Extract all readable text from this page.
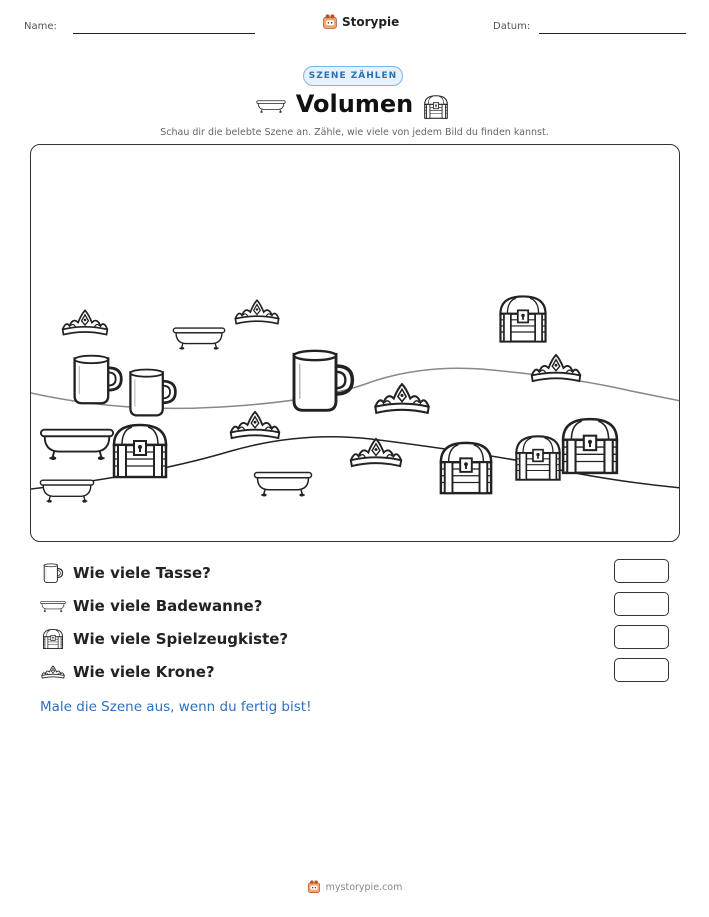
Name:	Storypie	Datum:
SZENE ZÄHLEN
Volumen
Schau dir die belebte Szene an. Zähle, wie viele von jedem Bild du finden kannst.
Wie viele Tasse?
Wie viele Badewanne?
Wie viele Spielzeugkiste?
Wie viele Krone?
Male die Szene aus, wenn du fertig bist!
mystorypie.com
